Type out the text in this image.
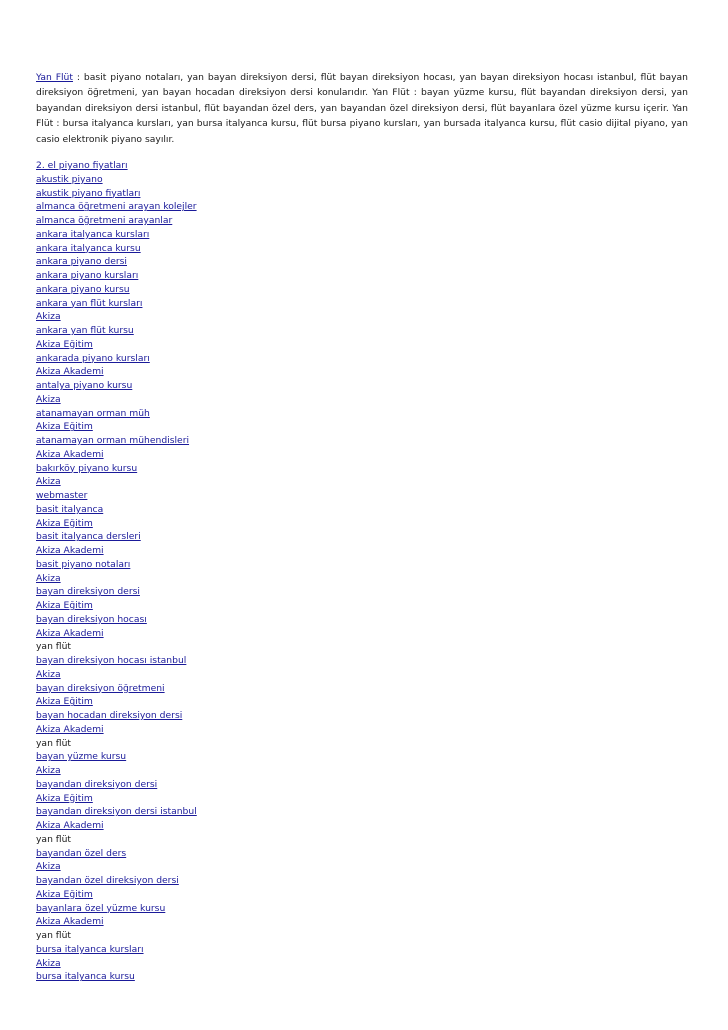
Yan Flüt : basit piyano notaları, yan bayan direksiyon dersi, flüt bayan direksiyon hocası, yan bayan direksiyon hocası istanbul, flüt bayan direksiyon öğretmeni, yan bayan hocadan direksiyon dersi konularıdır. Yan Flüt : bayan yüzme kursu, flüt bayandan direksiyon dersi, yan bayandan direksiyon dersi istanbul, flüt bayandan özel ders, yan bayandan özel direksiyon dersi, flüt bayanlara özel yüzme kursu içerir. Yan Flüt : bursa italyanca kursları, yan bursa italyanca kursu, flüt bursa piyano kursları, yan bursada italyanca kursu, flüt casio dijital piyano, yan casio elektronik piyano sayılır.

2. el piyano fiyatları
akustik piyano
akustik piyano fiyatları
almanca öğretmeni arayan kolejler
almanca öğretmeni arayanlar
ankara italyanca kursları
ankara italyanca kursu
ankara piyano dersi
ankara piyano kursları
ankara piyano kursu
ankara yan flüt kursları
Akiza
ankara yan flüt kursu
Akiza Eğitim
ankarada piyano kursları
Akiza Akademi
antalya piyano kursu
Akiza
atanamayan orman müh
Akiza Eğitim
atanamayan orman mühendisleri
Akiza Akademi
bakırköy piyano kursu
Akiza
webmaster
basit italyanca
Akiza Eğitim
basit italyanca dersleri
Akiza Akademi
basit piyano notaları
Akiza
bayan direksiyon dersi
Akiza Eğitim
bayan direksiyon hocası
Akiza Akademi
yan flüt
bayan direksiyon hocası istanbul
Akiza
bayan direksiyon öğretmeni
Akiza Eğitim
bayan hocadan direksiyon dersi
Akiza Akademi
yan flüt
bayan yüzme kursu
Akiza
bayandan direksiyon dersi
Akiza Eğitim
bayandan direksiyon dersi istanbul
Akiza Akademi
yan flüt
bayandan özel ders
Akiza
bayandan özel direksiyon dersi
Akiza Eğitim
bayanlara özel yüzme kursu
Akiza Akademi
yan flüt
bursa italyanca kursları
Akiza
bursa italyanca kursu
